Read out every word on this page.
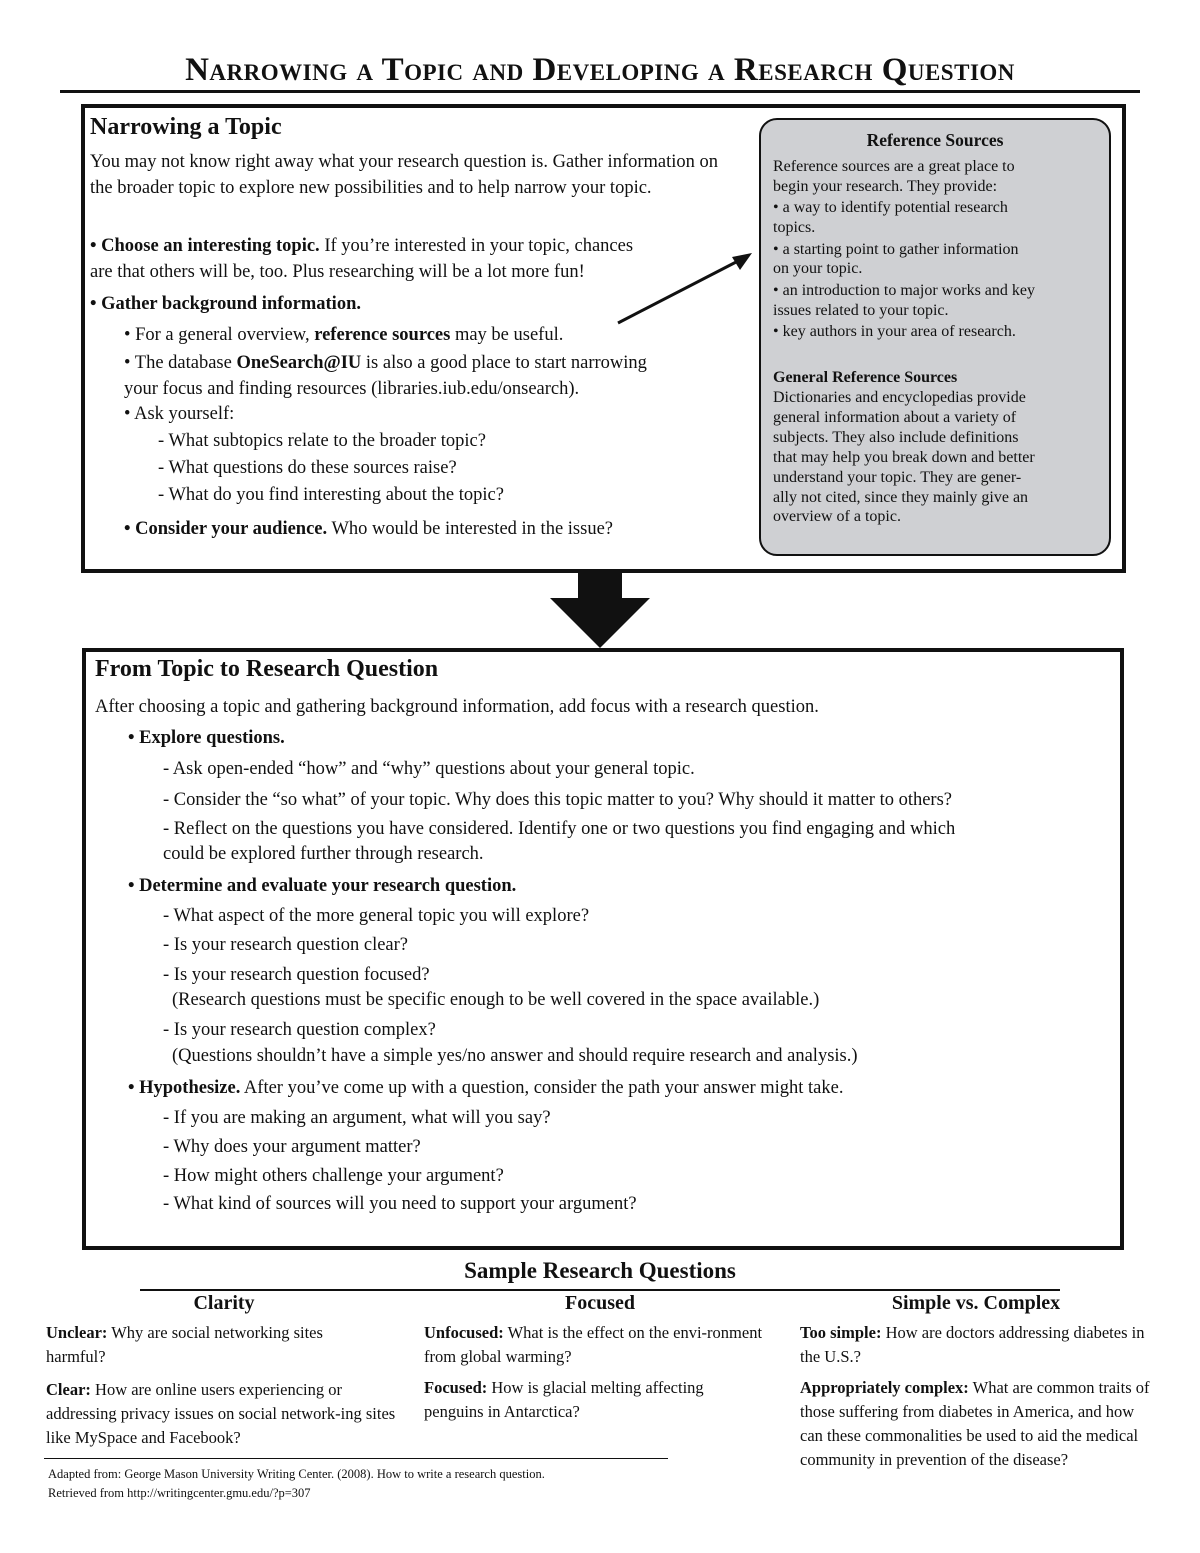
Narrowing a Topic and Developing a Research Question
Narrowing a Topic
You may not know right away what your research question is. Gather information on the broader topic to explore new possibilities and to help narrow your topic.
• Choose an interesting topic. If you’re interested in your topic, chances
are that others will be, too. Plus researching will be a lot more fun!
• Gather background information.
• For a general overview, reference sources may be useful.
• The database OneSearch@IU is also a good place to start narrowing
your focus and finding resources (libraries.iub.edu/onsearch).
• Ask yourself:
- What subtopics relate to the broader topic?
- What questions do these sources raise?
- What do you find interesting about the topic?
• Consider your audience. Who would be interested in the issue?
Reference Sources
Reference sources are a great place to
begin your research. They provide:
• a way to identify potential research
topics.
• a starting point to gather information
on your topic.
• an introduction to major works and key
issues related to your topic.
• key authors in your area of research.
General Reference Sources
Dictionaries and encyclopedias provide
general information about a variety of
subjects. They also include definitions
that may help you break down and better
understand your topic. They are gener-
ally not cited, since they mainly give an
overview of a topic.
From Topic to Research Question
After choosing a topic and gathering background information, add focus with a research question.
• Explore questions.
- Ask open-ended “how” and “why” questions about your general topic.
- Consider the “so what” of your topic. Why does this topic matter to you? Why should it matter to others?
- Reflect on the questions you have considered. Identify one or two questions you find engaging and which
could be explored further through research.
• Determine and evaluate your research question.
- What aspect of the more general topic you will explore?
- Is your research question clear?
- Is your research question focused?
(Research questions must be specific enough to be well covered in the space available.)
- Is your research question complex?
(Questions shouldn’t have a simple yes/no answer and should require research and analysis.)
• Hypothesize. After you’ve come up with a question, consider the path your answer might take.
- If you are making an argument, what will you say?
- Why does your argument matter?
- How might others challenge your argument?
- What kind of sources will you need to support your argument?
Sample Research Questions
Clarity
Unclear: Why are social networking sites harmful?
Clear: How are online users experiencing or addressing privacy issues on social network-ing sites like MySpace and Facebook?
Focused
Unfocused: What is the effect on the envi-ronment from global warming?
Focused: How is glacial melting affecting penguins in Antarctica?
Simple vs. Complex
Too simple: How are doctors addressing diabetes in the U.S.?
Appropriately complex: What are common traits of those suffering from diabetes in America, and how can these commonalities be used to aid the medical community in prevention of the disease?
Adapted from: George Mason University Writing Center. (2008). How to write a research question.
Retrieved from http://writingcenter.gmu.edu/?p=307
